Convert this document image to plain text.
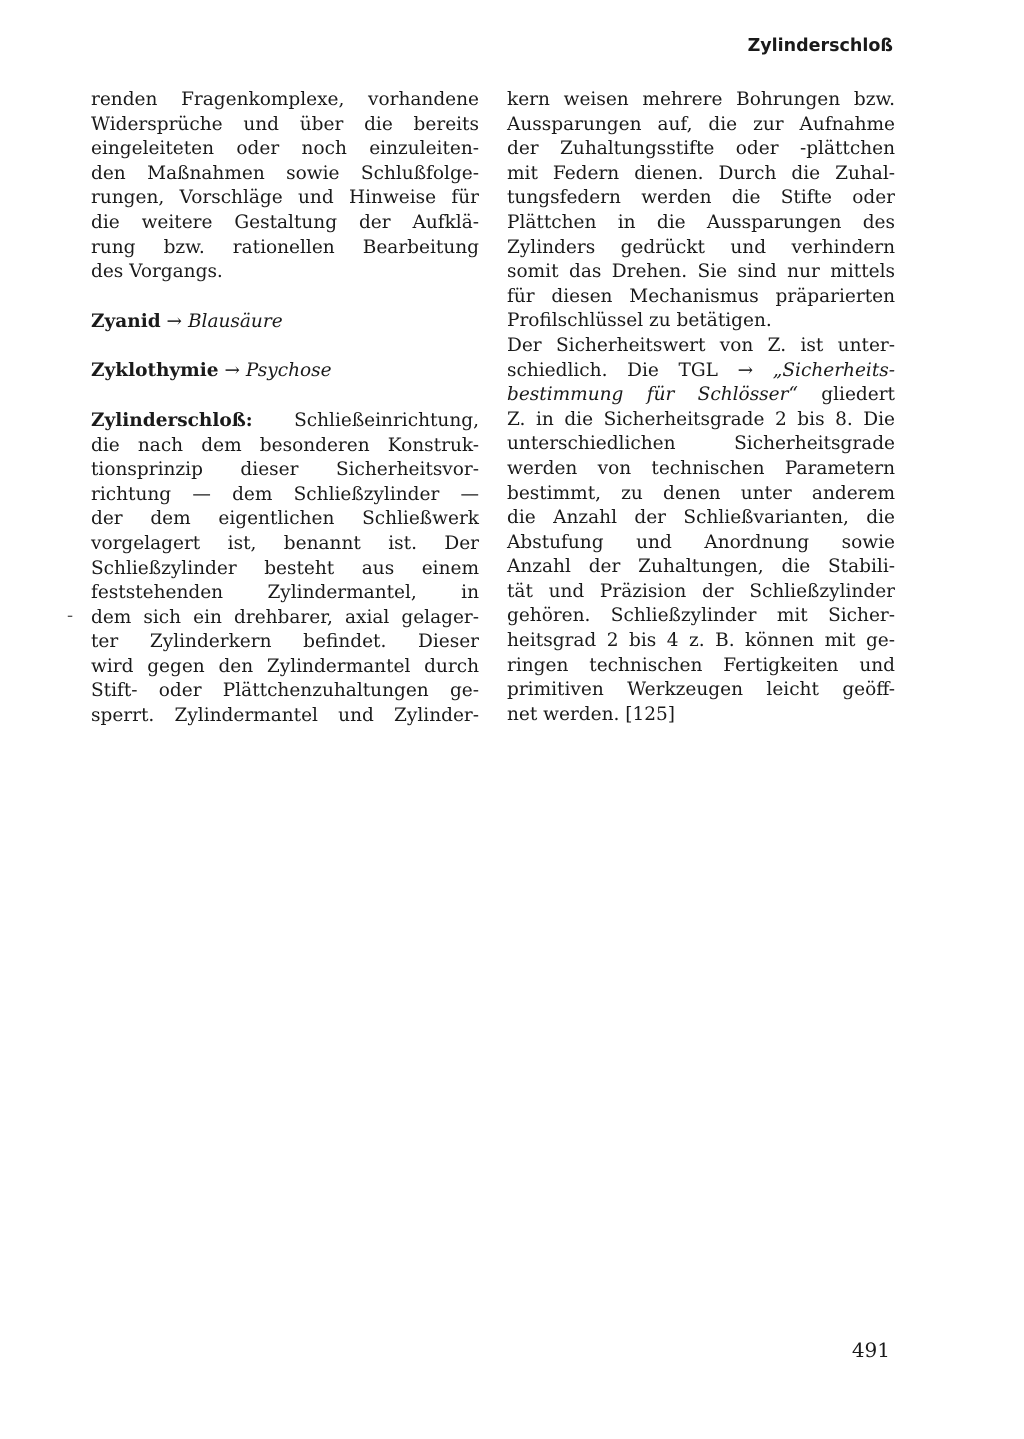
Zylinderschloß
-
renden Fragenkomplexe, vorhandene
Widersprüche und über die bereits
eingeleiteten oder noch einzuleiten-
den Maßnahmen sowie Schlußfolge-
rungen, Vorschläge und Hinweise für
die weitere Gestaltung der Aufklä-
rung bzw. rationellen Bearbeitung
des Vorgangs.
Zyanid → Blausäure
Zyklothymie → Psychose
Zylinderschloß: Schließeinrichtung,
die nach dem besonderen Konstruk-
tionsprinzip dieser Sicherheitsvor-
richtung — dem Schließzylinder —
der dem eigentlichen Schließwerk
vorgelagert ist, benannt ist. Der
Schließzylinder besteht aus einem
feststehenden Zylindermantel, in
dem sich ein drehbarer, axial gelager-
ter Zylinderkern befindet. Dieser
wird gegen den Zylindermantel durch
Stift- oder Plättchenzuhaltungen ge-
sperrt. Zylindermantel und Zylinder-
kern weisen mehrere Bohrungen bzw.
Aussparungen auf, die zur Aufnahme
der Zuhaltungsstifte oder -plättchen
mit Federn dienen. Durch die Zuhal-
tungsfedern werden die Stifte oder
Plättchen in die Aussparungen des
Zylinders gedrückt und verhindern
somit das Drehen. Sie sind nur mittels
für diesen Mechanismus präparierten
Profilschlüssel zu betätigen.
Der Sicherheitswert von Z. ist unter-
schiedlich. Die TGL → „Sicherheits-
bestimmung für Schlösser“ gliedert
Z. in die Sicherheitsgrade 2 bis 8. Die
unterschiedlichen Sicherheitsgrade
werden von technischen Parametern
bestimmt, zu denen unter anderem
die Anzahl der Schließvarianten, die
Abstufung und Anordnung sowie
Anzahl der Zuhaltungen, die Stabili-
tät und Präzision der Schließzylinder
gehören. Schließzylinder mit Sicher-
heitsgrad 2 bis 4 z. B. können mit ge-
ringen technischen Fertigkeiten und
primitiven Werkzeugen leicht geöff-
net werden. [125]
491
